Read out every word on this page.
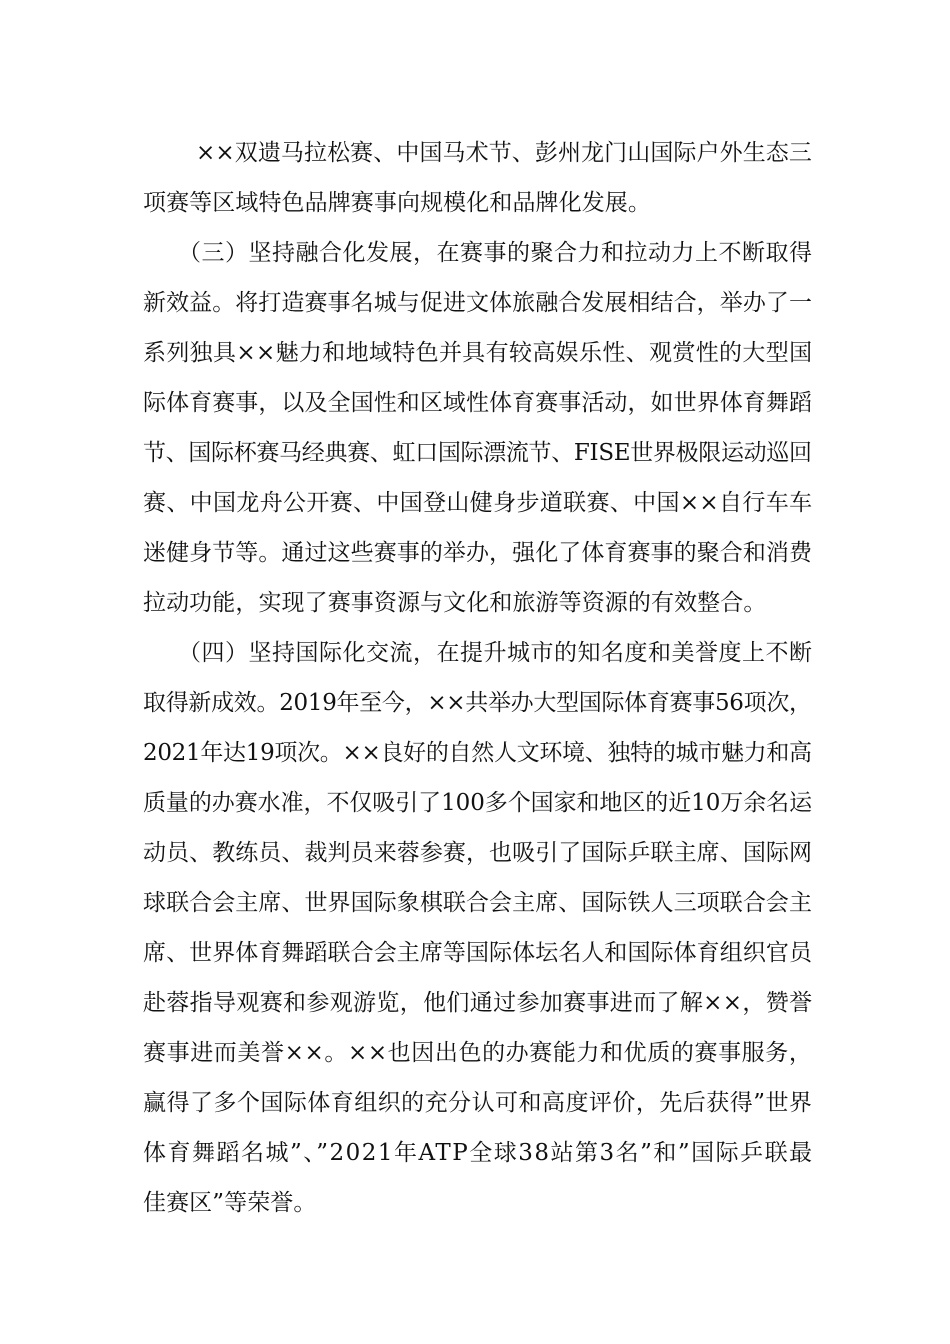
××双遗马拉松赛、中国马术节、彭州龙门山国际户外生态三
项赛等区域特色品牌赛事向规模化和品牌化发展。
（三）坚持融合化发展，在赛事的聚合力和拉动力上不断取得
新效益。将打造赛事名城与促进文体旅融合发展相结合，举办了一
系列独具××魅力和地域特色并具有较高娱乐性、观赏性的大型国
际体育赛事，以及全国性和区域性体育赛事活动，如世界体育舞蹈
节、国际杯赛马经典赛、虹口国际漂流节、FISE世界极限运动巡回
赛、中国龙舟公开赛、中国登山健身步道联赛、中国××自行车车
迷健身节等。通过这些赛事的举办，强化了体育赛事的聚合和消费
拉动功能，实现了赛事资源与文化和旅游等资源的有效整合。
（四）坚持国际化交流，在提升城市的知名度和美誉度上不断
取得新成效。2019年至今，××共举办大型国际体育赛事56项次，
2021年达19项次。××良好的自然人文环境、独特的城市魅力和高
质量的办赛水准，不仅吸引了100多个国家和地区的近10万余名运
动员、教练员、裁判员来蓉参赛，也吸引了国际乒联主席、国际网
球联合会主席、世界国际象棋联合会主席、国际铁人三项联合会主
席、世界体育舞蹈联合会主席等国际体坛名人和国际体育组织官员
赴蓉指导观赛和参观游览，他们通过参加赛事进而了解××，赞誉
赛事进而美誉××。××也因出色的办赛能力和优质的赛事服务，
赢得了多个国际体育组织的充分认可和高度评价，先后获得”世界
体育舞蹈名城”、”2021年ATP全球38站第3名”和”国际乒联最
佳赛区”等荣誉。
